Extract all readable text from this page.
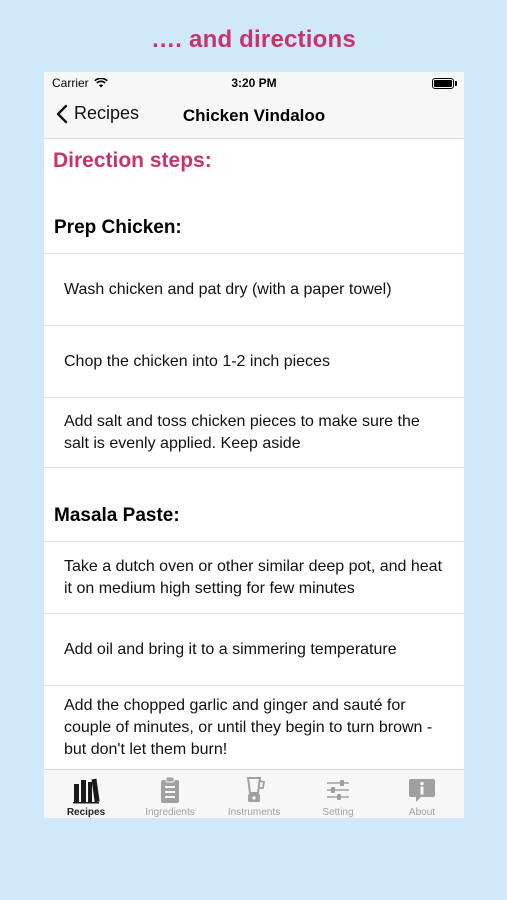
…. and directions
Carrier	3:20 PM
Recipes	Chicken Vindaloo
Direction steps:
Prep Chicken:
Wash chicken and pat dry (with a paper towel)
Chop the chicken into 1-2 inch pieces
Add salt and toss chicken pieces to make sure the salt is evenly applied. Keep aside
Masala Paste:
Take a dutch oven or other similar deep pot, and heat it on medium high setting for few minutes
Add oil and bring it to a simmering temperature
Add the chopped garlic and ginger and sauté for couple of minutes, or until they begin to turn brown - but don't let them burn!
Recipes	Ingredients	Instruments	Setting	About
